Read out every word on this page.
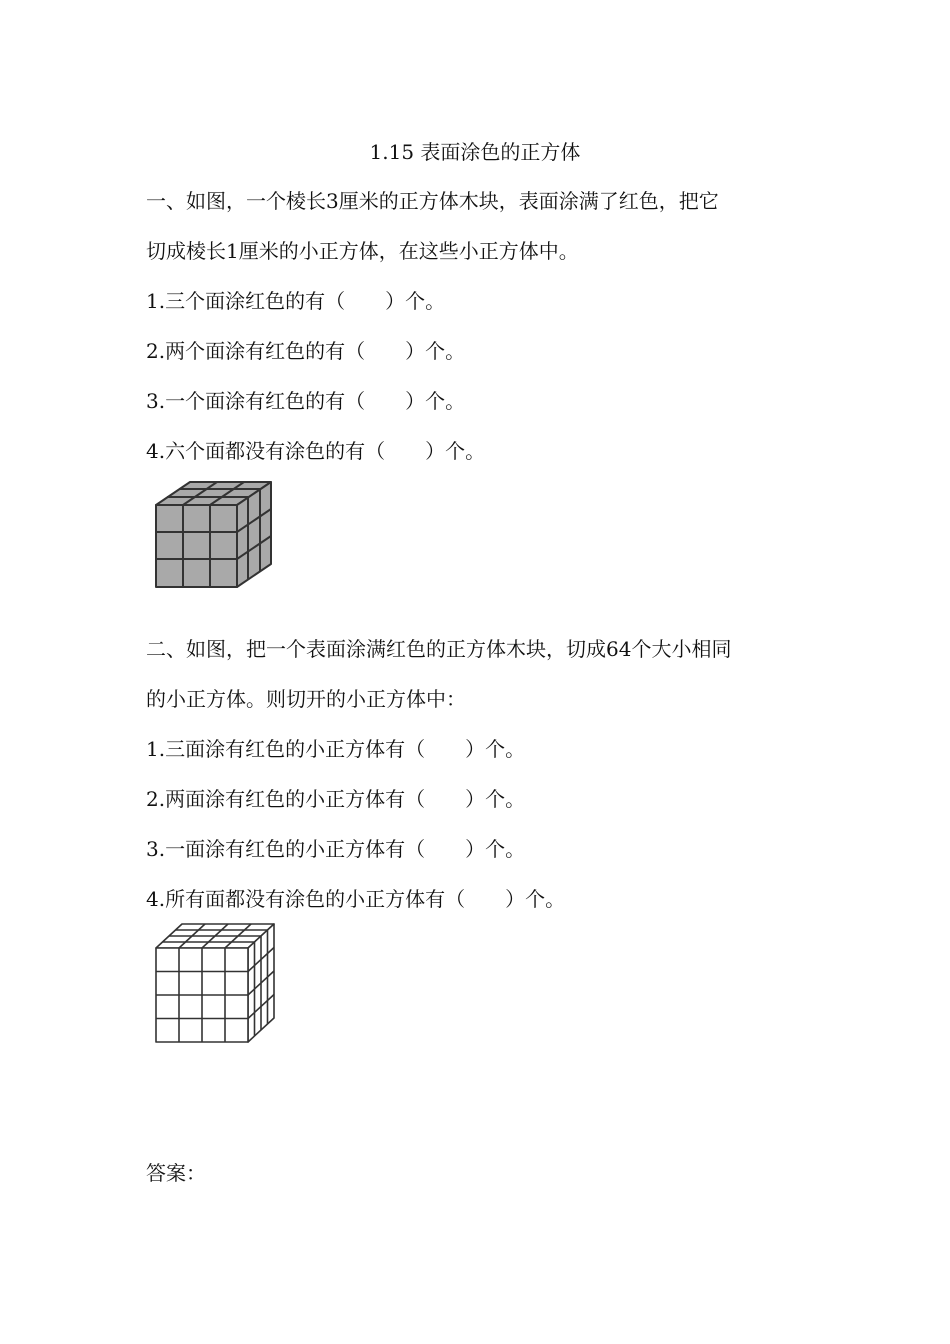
1.15 表面涂色的正方体
一、如图，一个棱长3厘米的正方体木块，表面涂满了红色，把它
切成棱长1厘米的小正方体，在这些小正方体中。
1.三个面涂红色的有（　　）个。
2.两个面涂有红色的有（　　）个。
3.一个面涂有红色的有（　　）个。
4.六个面都没有涂色的有（　　）个。
二、如图，把一个表面涂满红色的正方体木块，切成64个大小相同
的小正方体。则切开的小正方体中：
1.三面涂有红色的小正方体有（　　）个。
2.两面涂有红色的小正方体有（　　）个。
3.一面涂有红色的小正方体有（　　）个。
4.所有面都没有涂色的小正方体有（　　）个。
答案：
